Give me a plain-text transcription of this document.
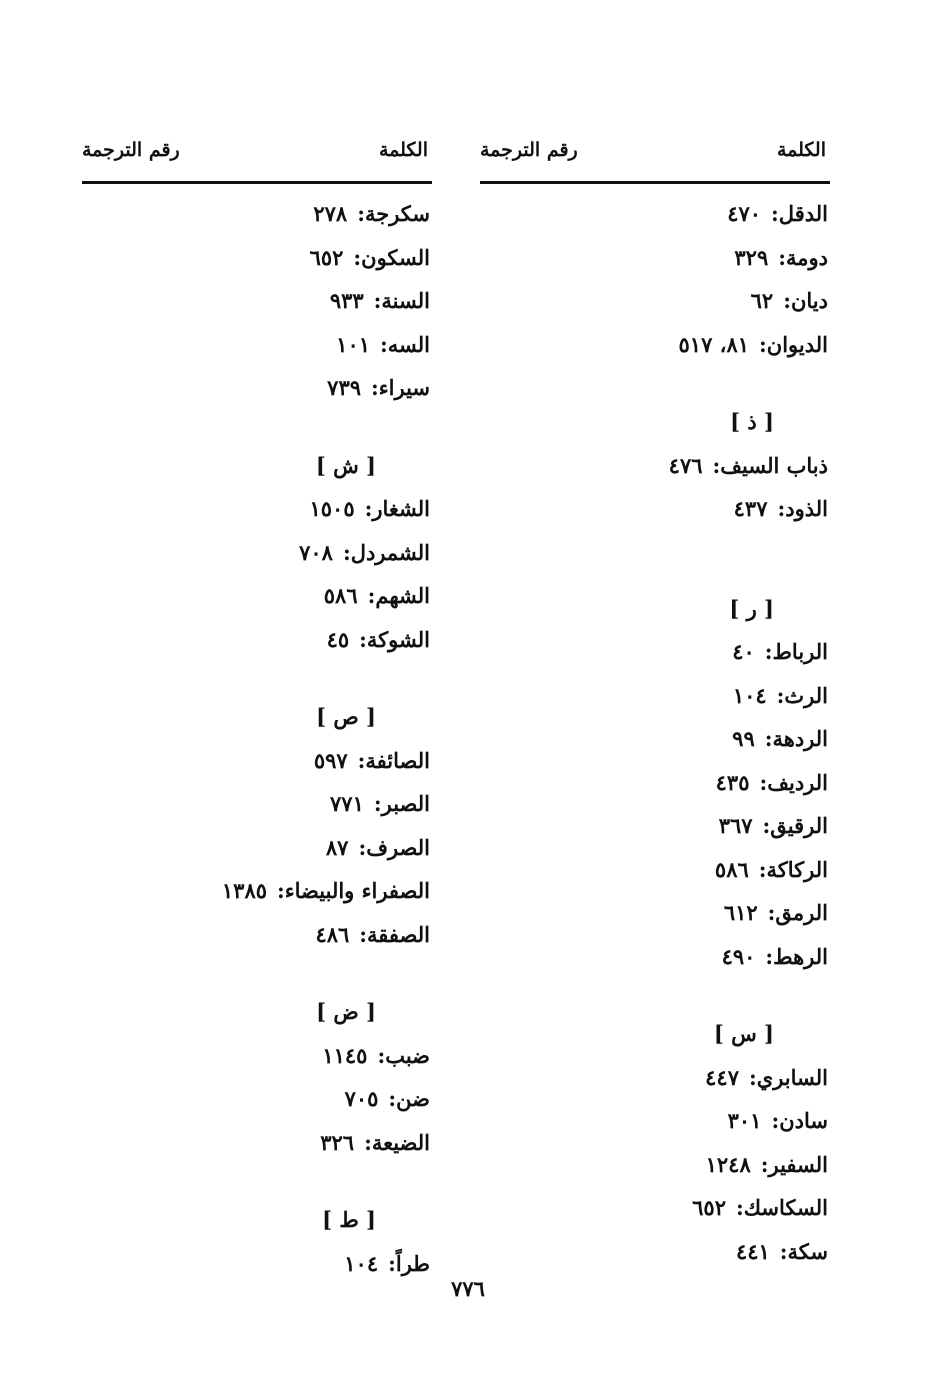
الكلمة
رقم الترجمة
الدقل:٤٧٠
دومة:٣٢٩
ديان:٦٢
الديوان:٨١، ٥١٧
[ ذ ]
ذباب السيف:٤٧٦
الذود:٤٣٧
[ ر ]
الرباط:٤٠
الرث:١٠٤
الردهة:٩٩
الرديف:٤٣٥
الرقيق:٣٦٧
الركاكة:٥٨٦
الرمق:٦١٢
الرهط:٤٩٠
[ س ]
السابري:٤٤٧
سادن:٣٠١
السفير:١٢٤٨
السكاسك:٦٥٢
سكة:٤٤١
الكلمة
رقم الترجمة
سكرجة:٢٧٨
السكون:٦٥٢
السنة:٩٣٣
السه:١٠١
سيراء:٧٣٩
[ ش ]
الشغار:١٥٠٥
الشمردل:٧٠٨
الشهم:٥٨٦
الشوكة:٤٥
[ ص ]
الصائفة:٥٩٧
الصبر:٧٧١
الصرف:٨٧
الصفراء والبيضاء:١٣٨٥
الصفقة:٤٨٦
[ ض ]
ضبب:١١٤٥
ضن:٧٠٥
الضيعة:٣٢٦
[ ط ]
طراً:١٠٤
٧٧٦
